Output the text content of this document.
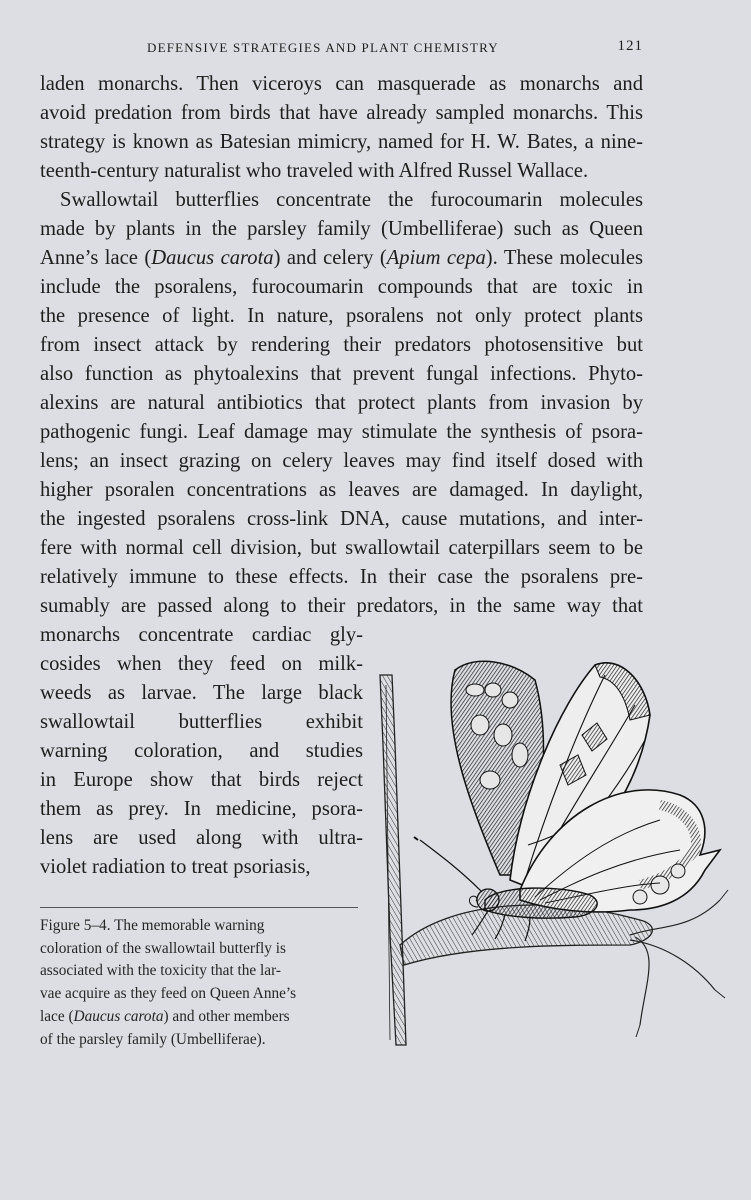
DEFENSIVE STRATEGIES AND PLANT CHEMISTRY	121
laden monarchs. Then viceroys can masquerade as monarchs and
avoid predation from birds that have already sampled monarchs. This
strategy is known as Batesian mimicry, named for H. W. Bates, a nine-
teenth-century naturalist who traveled with Alfred Russel Wallace.
Swallowtail butterflies concentrate the furocoumarin molecules
made by plants in the parsley family (Umbelliferae) such as Queen
Anne’s lace (Daucus carota) and celery (Apium cepa). These molecules
include the psoralens, furocoumarin compounds that are toxic in
the presence of light. In nature, psoralens not only protect plants
from insect attack by rendering their predators photosensitive but
also function as phytoalexins that prevent fungal infections. Phyto-
alexins are natural antibiotics that protect plants from invasion by
pathogenic fungi. Leaf damage may stimulate the synthesis of psora-
lens; an insect grazing on celery leaves may find itself dosed with
higher psoralen concentrations as leaves are damaged. In daylight,
the ingested psoralens cross-link DNA, cause mutations, and inter-
fere with normal cell division, but swallowtail caterpillars seem to be
relatively immune to these effects. In their case the psoralens pre-
sumably are passed along to their predators, in the same way that
monarchs concentrate cardiac gly-
cosides when they feed on milk-
weeds as larvae. The large black
swallowtail butterflies exhibit
warning coloration, and studies
in Europe show that birds reject
them as prey. In medicine, psora-
lens are used along with ultra-
violet radiation to treat psoriasis,
Figure 5–4. The memorable warning
coloration of the swallowtail butterfly is
associated with the toxicity that the lar-
vae acquire as they feed on Queen Anne’s
lace (Daucus carota) and other members
of the parsley family (Umbelliferae).
